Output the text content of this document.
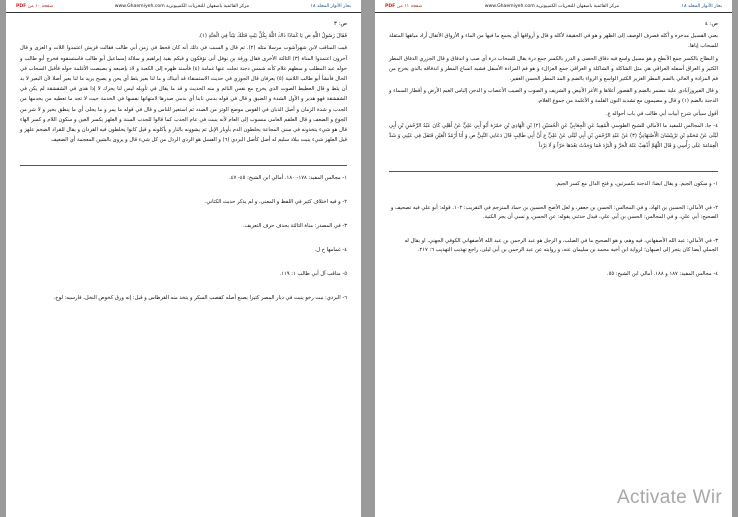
PDF صفحة ١٠ من	www.Ghaemiyeh.com مركز القائمية باصفهان للتحريات الكمپيوترية	بحار الأنوار المجلد ١٨
ص: ٣

فَقَالَ رَسُولُ اللَّهِ ص يَا كَمَاذَا ذَاكَ اللَّهُ بِكُلِّ بَيْتٍ فَتَلَكَ بَيْتاً فِي الْجَنَّةِ (١).

قيب المناقب لابن شهرآشوب مرسلا مثله (٢). ثم قال و السبب في ذلك أنه كان قحط في زمن أبي طالب فقالت قريش اعتمدوا اللات و العزى و قال آخرون اعتمدوا المناة (٣) الثالثة الأخرى فقال ورقة بن نوفل أنى تؤفكون و فيكم بقية إبراهيم و سلالة إسماعيل أبو طالب فاستسقوه فخرج أبو طالب و حوله عبد المطلب و سطهم غلام كأنه شمس دجنة تجلت عنها غمامة (٤) فأسند ظهره إلى الكعبة و لاذ بإصبعه و بصبصت الأغلمة حوله فأقبل السحاب في الحال فأنشأ أبو طالب اللامية (٥) يعرفان قال الجوزي في حديث الاستسقاء قد أتيناك و ما لنا بعير يئط أي يحن و يصيح يريد ما لنا بعير أصلا لأن البعير لا بد أن يئط و قال العطيط الصوت الذي يخرج مع نفس النائم و منه الحديث و قد ما يقال في تأويله ليس لنا يحرك لا إذا هدى في الشقشقة لم يكن في الشقشقة فهو هدير و الأول الشدة و الضيق و قال في قوله بدمي نابنا أي بدمي صدرها لامتهانها نفسها في الخدمة حيث لا تجد ما تعطيه من يخدمها من الجدب و شدة الزمان و أصل الذبان في القوس موضع الوتر من الصدد ثم استعير للناس و قال في قوله ما يمر و ما يحلى أي ما ينطق بخير و لا شر من الجوع و الضعف و قال العلقم العامى منسوب إلى العام لأنه ينبت في عام الجدب كما قالوا للجدب السنة و العلهز يكسر العين و سكون اللام و كسر الهاء قال هو شيء يتخذونه في سني المجاعة يخلطون الدم بأوبار الإبل ثم يشوونه بالنار و يأكلونه و قيل كانوا يخلطون فيه القردان و يقال للقراد الضخم علهز و قيل العلهز شيء ينبت ببلاد سليم له أصل كأصل البردي (٦) و الفسل هو الردي الرذل من كل شيء قال و يروى بالشين المعجمة أي الضعيف

١- مجالس المفيد: ١٧٨- ١٨٠. أمالي ابن الشيخ: ٤٥- ٤٧.

٢- و فيه اختلاف كثير في اللفظ و المعنى، و لم يذكر حديث الكتاني.

٣- في المصدر: مناة الثالثة بحذف حرف التعريف.

٤- غمامها خ ل.

٥- مناقب آل أبي طالب ١: ١١٩.

٦- البردي: نبت رخو ينبت في ديار المصر كثيرا يصنع أصله كقصب السكر و يتخذ منه القرطاس و قيل: إنه ورق كخوص النخل، فارسيه: لوخ.

PDF صفحة ١١ من	www.Ghaemiyeh.com مركز القائمية باصفهان للتحريات الكمپيوترية	بحار الأنوار المجلد ١٨
ص: ٤

يعني الفسيل مدخره و أكله فصرف الوصف إلى الظهر و هو في الحقيقة لأكله و قال و أرواقها أي يجمع ما فيها من الماء و الأرواق الأثقال أراد مياهها المثقلة للسحاب إياها.

و البطاح بالكسر جمع الأبطح و هو مسيل واسع فيه دقاق الحصى و الدرر بالكسر جمع درة يقال للسحاب درة أي صب و اندفاق و قال الجزري الدفاق المطر الكثير و العراق أسفله العراقي هي مثل الشاكلة و الشاكلة و العراقي جمع العزالء و هو فم المزادة الأسفل فشبه اتساع المطر و اندفاقه بالذي يخرج من فم المزادة و العائي بالضم المطر الغزير الكثير الواسع و الرواء بالضم و المد المطر الحسن الغفير.

و قال الفيروزآبادي علية مضمر بالضم و القصور أعلاها و الأغر الأبيض و الشريف و الصوب و الصيب الأعصاب و الدجن إلباس الغيم الأرض و أقطار السماء و الدجنة بالضم (١) و قال و مصيمون مع تشديد النون القلمة و الأغلمة من جموع الغلام.

أقول سيأتي شرح أبيات أبي طالب في باب أحواله ع.

٤- جا، المجالس للمفيد ما الأمالي للشيخ الطوسي الْمُفِيدُ عَنِ الْجِعَابِيِّ عَنِ الْحُسَيْنِ (٢) بْنِ الْهَادِي بْنِ حَمْزَةَ أَبُو أَبِي عَلِيٍّ عَنْ أَهْلِي كَانَ عَبْدُ الرَّحْمَنِ بْنِ أَبِي لَيْلَى عَنْ مُحَمَّدِ بْنِ تَرْنِيْشَانَ الْأَصْبَهَانِيُّ (٣) عَنْ عَبْدِ الرَّحْمَنِ بْنِ أَبِي لَيْلَى عَنْ عَلِيٍّ ع أَنَّ أَبِي طَالِبٍ قَالَ دَعَانِي النَّبِيُّ ص وَ أَنَا أَرْمُدُ الْعَيْنِ فَتَفَلَ فِي عَيْنِي وَ شَدَّ الْعِمَامَةَ عَلَى رَأْسِي وَ قَالَ اللَّهُمَّ أَذْهِبْ عَنْهُ الْحَرَّ وَ الْبَرْدَ فَمَا وَجَدْتُ بَعْدَهَا حَرّاً وَ لَا بَرْداً

١- و سكون الجيم. و يقال ايضا: الدجنة بكسرتين، و فتح الدال مع كسر الجيم.

٢- في الأمالي: الحسين بن الهاد، و في المجالس: الحسن بن جعفر، و لعل الأصح الحسين بن حماد المترجم في التقريب: ١٠٢. قوله: أبو علي فيه تصحيف و الصحيح: أبي علي، و في المجالس: الحسن بن أبي علي، فيدل حدثني يقوله: عن الحسن، و نسي أن يجر الكنية.

٣- في الأمالي: عبد الله الأصفهاني، فيه وهم، و هو الصحيح ما في الصلب، و الرجل هو عبد الرحمن بن عبد الله الأصفهاني الكوفي الجهني، او يقال له الجملي أيضا كان يتجر إلى اصبهان؛ لرواية ابن أخيه محمد بن سليمان عنه، و روايته عن عبد الرحمن بن أبي ليلى، راجع تهذيب التهذيب ٦: ٢١٧.

٤- مجالس المفيد: ١٨٧ و ١٨٨. أمالي ابن الشيخ: ٥٥.

Activate Wir
